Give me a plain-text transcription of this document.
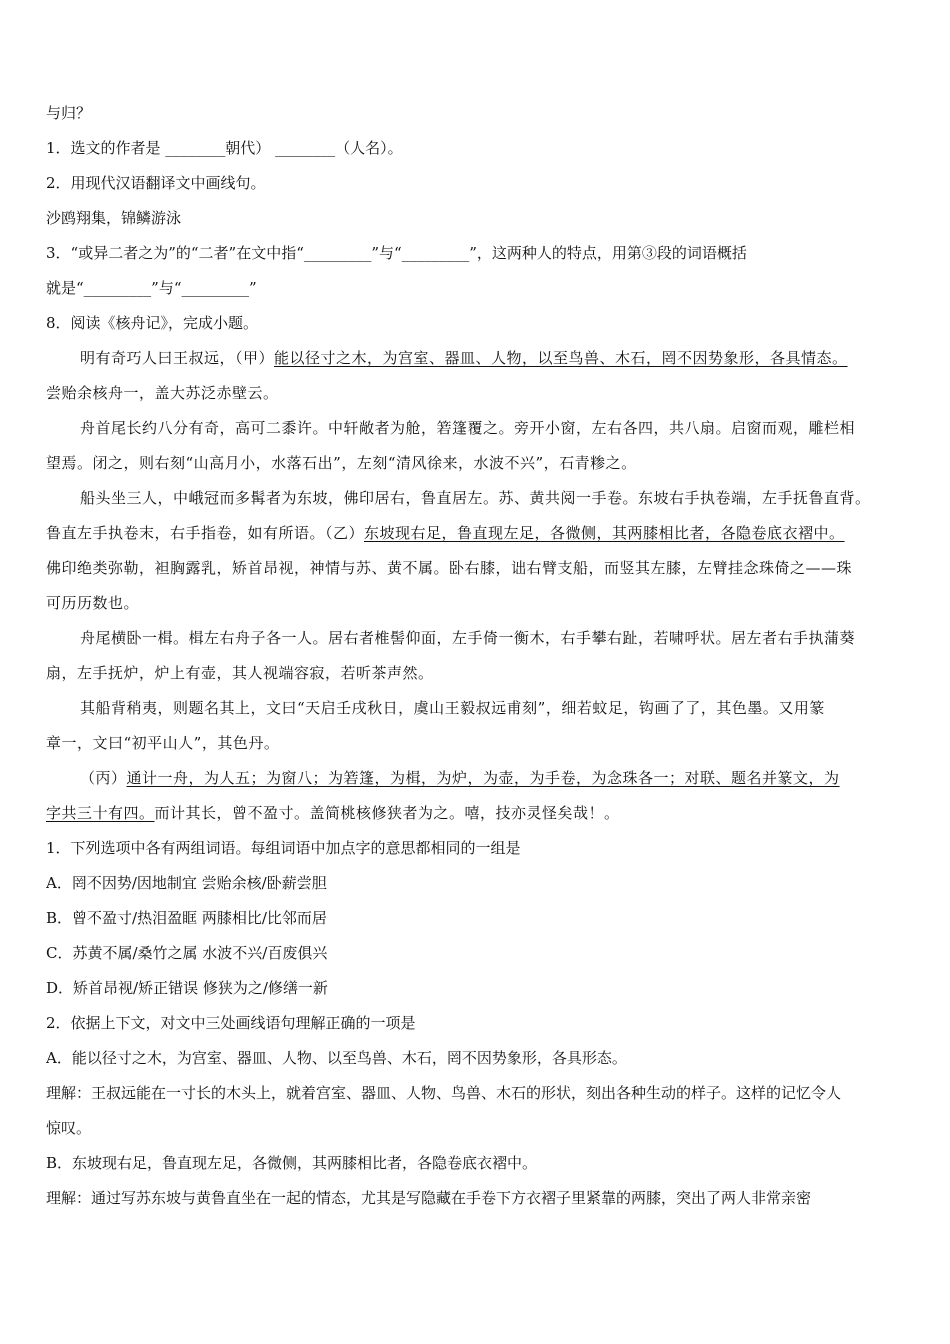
与归？
1．选文的作者是 ________朝代） ________（人名）。
2．用现代汉语翻译文中画线句。
沙鸥翔集，锦鳞游泳
3．“或异二者之为”的“二者”在文中指“_________”与“_________”，这两种人的特点，用第③段的词语概括
就是“_________”与“_________”
8．阅读《核舟记》，完成小题。
明有奇巧人曰王叔远，（甲）能以径寸之木，为宫室、器皿、人物，以至鸟兽、木石，罔不因势象形，各具情态。
尝贻余核舟一，盖大苏泛赤壁云。
舟首尾长约八分有奇，高可二黍许。中轩敞者为舱，箬篷覆之。旁开小窗，左右各四，共八扇。启窗而观，雕栏相
望焉。闭之，则右刻“山高月小，水落石出”，左刻“清风徐来，水波不兴”，石青糁之。
船头坐三人，中峨冠而多髯者为东坡，佛印居右，鲁直居左。苏、黄共阅一手卷。东坡右手执卷端，左手抚鲁直背。
鲁直左手执卷末，右手指卷，如有所语。（乙）东坡现右足，鲁直现左足，各微侧，其两膝相比者，各隐卷底衣褶中。
佛印绝类弥勒，袒胸露乳，矫首昂视，神情与苏、黄不属。卧右膝，诎右臂支船，而竖其左膝，左臂挂念珠倚之——珠
可历历数也。
舟尾横卧一楫。楫左右舟子各一人。居右者椎髻仰面，左手倚一衡木，右手攀右趾，若啸呼状。居左者右手执蒲葵
扇，左手抚炉，炉上有壶，其人视端容寂，若听茶声然。
其船背稍夷，则题名其上，文曰“天启壬戌秋日，虞山王毅叔远甫刻”，细若蚊足，钩画了了，其色墨。又用篆
章一，文曰“初平山人”，其色丹。
（丙）通计一舟，为人五；为窗八；为箬篷，为楫，为炉，为壶，为手卷，为念珠各一；对联、题名并篆文，为
字共三十有四。而计其长，曾不盈寸。盖简桃核修狭者为之。嘻，技亦灵怪矣哉！。
1．下列选项中各有两组词语。每组词语中加点字的意思都相同的一组是
A．罔不因势/因地制宜 尝贻余核/卧薪尝胆
B．曾不盈寸/热泪盈眶 两膝相比/比邻而居
C．苏黄不属/桑竹之属 水波不兴/百废俱兴
D．矫首昂视/矫正错误 修狭为之/修缮一新
2．依据上下文，对文中三处画线语句理解正确的一项是
A．能以径寸之木，为宫室、器皿、人物、以至鸟兽、木石，罔不因势象形，各具形态。
理解：王叔远能在一寸长的木头上，就着宫室、器皿、人物、鸟兽、木石的形状，刻出各种生动的样子。这样的记忆令人
惊叹。
B．东坡现右足，鲁直现左足，各微侧，其两膝相比者，各隐卷底衣褶中。
理解：通过写苏东坡与黄鲁直坐在一起的情态，尤其是写隐藏在手卷下方衣褶子里紧靠的两膝，突出了两人非常亲密
